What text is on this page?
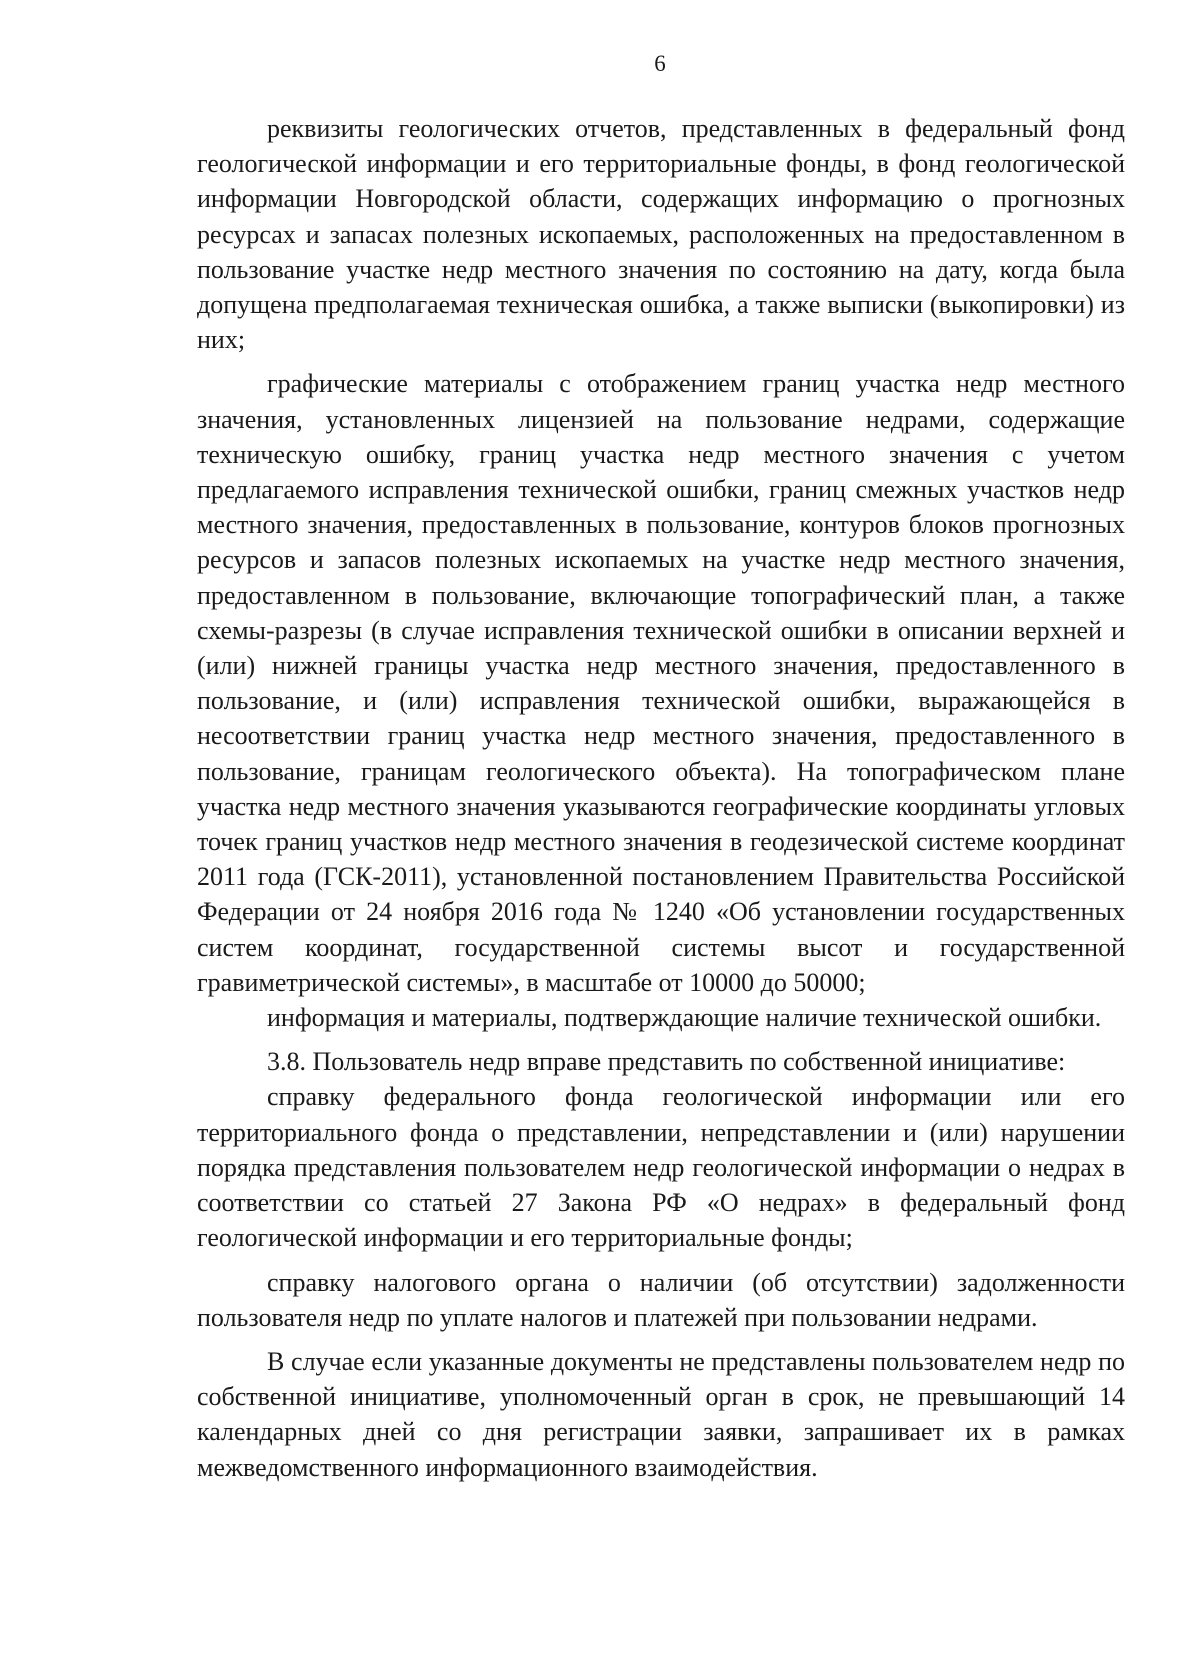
6

реквизиты геологических отчетов, представленных в федеральный фонд геологической информации и его территориальные фонды, в фонд геологической информации Новгородской области, содержащих информацию о прогнозных ресурсах и запасах полезных ископаемых, расположенных на предоставленном в пользование участке недр местного значения по состоянию на дату, когда была допущена предполагаемая техническая ошибка, а также выписки (выкопировки) из них;

графические материалы с отображением границ участка недр местного значения, установленных лицензией на пользование недрами, содержащие техническую ошибку, границ участка недр местного значения с учетом предлагаемого исправления технической ошибки, границ смежных участков недр местного значения, предоставленных в пользование, контуров блоков прогнозных ресурсов и запасов полезных ископаемых на участке недр местного значения, предоставленном в пользование, включающие топографический план, а также схемы-разрезы (в случае исправления технической ошибки в описании верхней и (или) нижней границы участка недр местного значения, предоставленного в пользование, и (или) исправления технической ошибки, выражающейся в несоответствии границ участка недр местного значения, предоставленного в пользование, границам геологического объекта). На топографическом плане участка недр местного значения указываются географические координаты угловых точек границ участков недр местного значения в геодезической системе координат 2011 года (ГСК-2011), установленной постановлением Правительства Российской Федерации от 24 ноября 2016 года № 1240 «Об установлении государственных систем координат, государственной системы высот и государственной гравиметрической системы», в масштабе от 10000 до 50000;

информация и материалы, подтверждающие наличие технической ошибки.

3.8. Пользователь недр вправе представить по собственной инициативе:

справку федерального фонда геологической информации или его территориального фонда о представлении, непредставлении и (или) нарушении порядка представления пользователем недр геологической информации о недрах в соответствии со статьей 27 Закона РФ «О недрах» в федеральный фонд геологической информации и его территориальные фонды;

справку налогового органа о наличии (об отсутствии) задолженности пользователя недр по уплате налогов и платежей при пользовании недрами.

В случае если указанные документы не представлены пользователем недр по собственной инициативе, уполномоченный орган в срок, не превышающий 14 календарных дней со дня регистрации заявки, запрашивает их в рамках межведомственного информационного взаимодействия.
